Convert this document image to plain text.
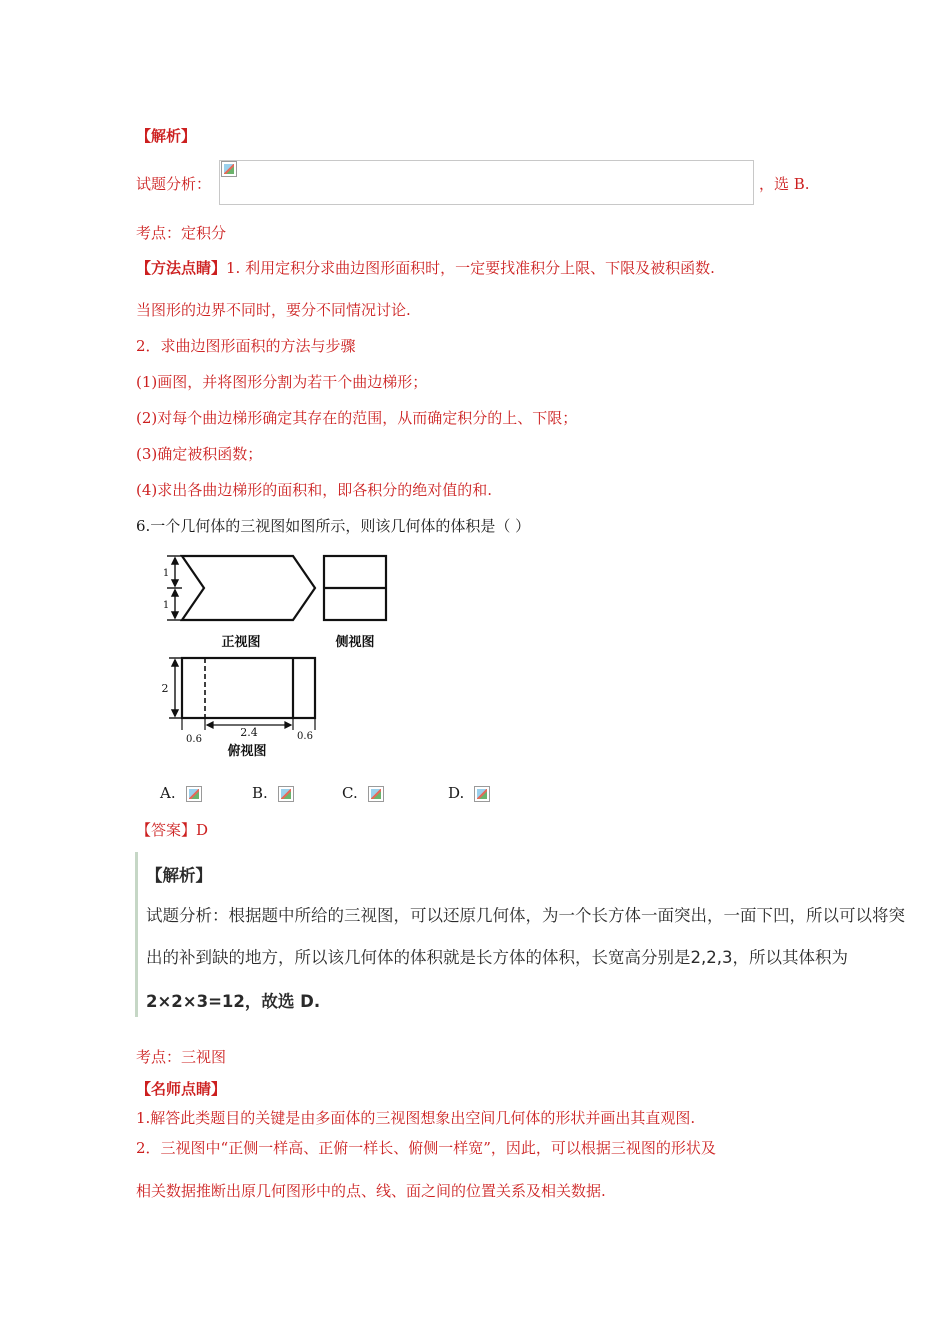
【解析】
试题分析：	，选 B.
考点：定积分
【方法点睛】1. 利用定积分求曲边图形面积时，一定要找准积分上限、下限及被积函数.
当图形的边界不同时，要分不同情况讨论.
2．求曲边图形面积的方法与步骤
(1)画图，并将图形分割为若干个曲边梯形；
(2)对每个曲边梯形确定其存在的范围，从而确定积分的上、下限；
(3)确定被积函数；
(4)求出各曲边梯形的面积和，即各积分的绝对值的和.
6.一个几何体的三视图如图所示，则该几何体的体积是（ ）
1
1
正视图	侧视图
2
0.6
2.4	0.6
俯视图
A.	B.	C.	D.
【答案】D
【解析】
试题分析：根据题中所给的三视图，可以还原几何体，为一个长方体一面突出，一面下凹，所以可以将突
出的补到缺的地方，所以该几何体的体积就是长方体的体积，长宽高分别是2,2,3，所以其体积为
2×2×3=12，故选 D.
考点：三视图
【名师点睛】
1.解答此类题目的关键是由多面体的三视图想象出空间几何体的形状并画出其直观图.
2．三视图中“正侧一样高、正俯一样长、俯侧一样宽”，因此，可以根据三视图的形状及
相关数据推断出原几何图形中的点、线、面之间的位置关系及相关数据.
